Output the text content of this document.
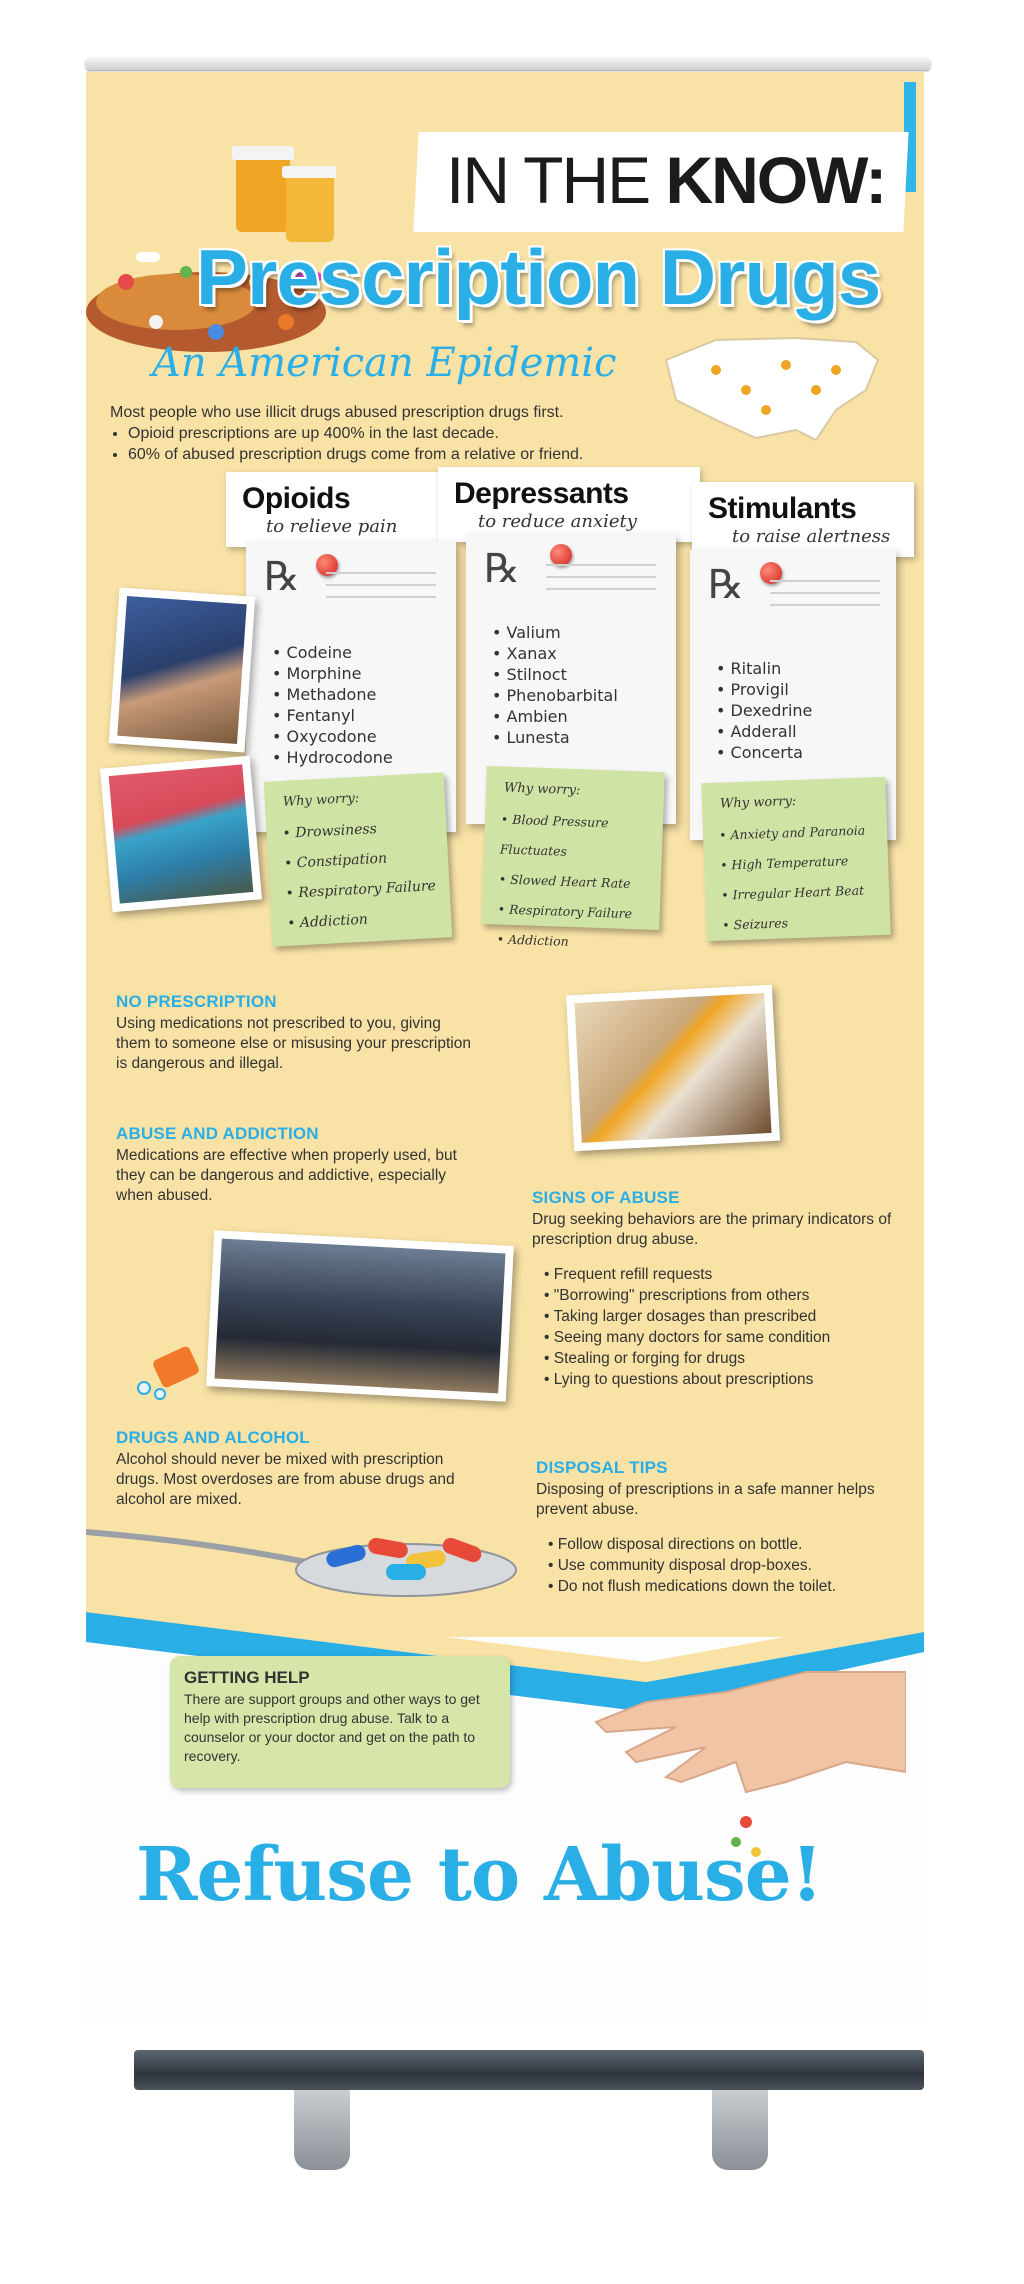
IN THE KNOW:
Prescription Drugs
An American Epidemic
Most people who use illicit drugs abused prescription drugs first.
• Opioid prescriptions are up 400% in the last decade.
• 60% of abused prescription drugs come from a relative or friend.
Opioids
to relieve pain
Depressants
to reduce anxiety	Stimulants
to raise alertness
℞
• Codeine
• Morphine
• Methadone
• Fentanyl
• Oxycodone
• Hydrocodone
℞
• Valium
• Xanax
• Stilnoct
• Phenobarbital
• Ambien
• Lunesta
℞
• Ritalin
• Provigil
• Dexedrine
• Adderall
• Concerta
Why worry:
• Drowsiness
• Constipation
• Respiratory Failure
• Addiction
Why worry:
• Blood Pressure Fluctuates
• Slowed Heart Rate
• Respiratory Failure
• Addiction
Why worry:
• Anxiety and Paranoia
• High Temperature
• Irregular Heart Beat
• Seizures
NO PRESCRIPTION
Using medications not prescribed to you, giving them to someone else or misusing your prescription is dangerous and illegal.
ABUSE AND ADDICTION
Medications are effective when properly used, but they can be dangerous and addictive, especially when abused.	SIGNS OF ABUSE
Drug seeking behaviors are the primary indicators of prescription drug abuse.
• Frequent refill requests
• "Borrowing" prescriptions from others
• Taking larger dosages than prescribed
• Seeing many doctors for same condition
• Stealing or forging for drugs
• Lying to questions about prescriptions
DRUGS AND ALCOHOL
Alcohol should never be mixed with prescription drugs. Most overdoses are from abuse drugs and alcohol are mixed.
DISPOSAL TIPS
Disposing of prescriptions in a safe manner helps prevent abuse.
• Follow disposal directions on bottle.
• Use community disposal drop-boxes.
• Do not flush medications down the toilet.
GETTING HELP
There are support groups and other ways to get help with prescription drug abuse. Talk to a counselor or your doctor and get on the path to recovery.
Refuse to Abuse!
